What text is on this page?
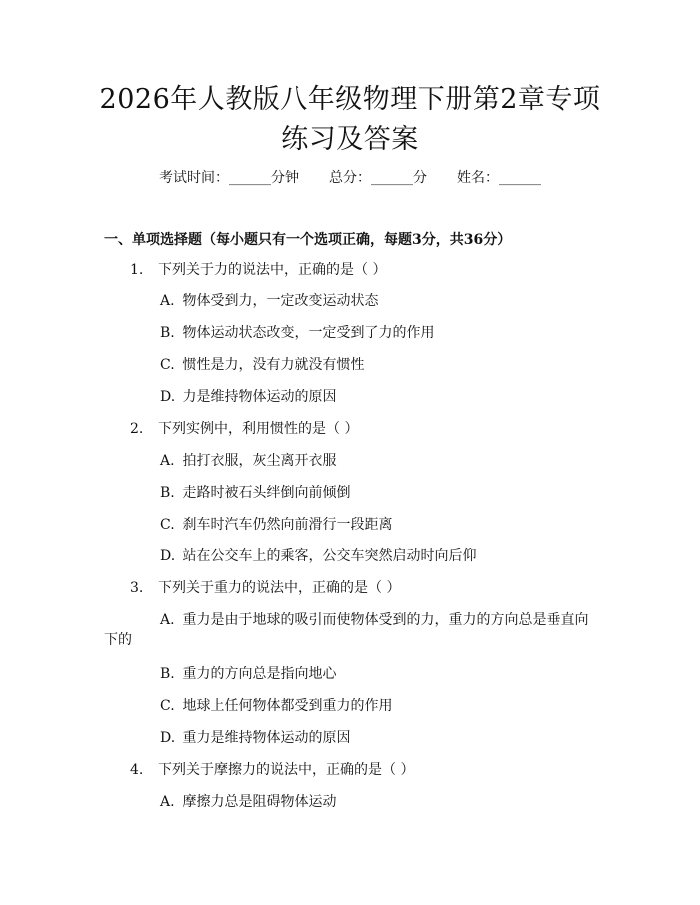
2026年人教版八年级物理下册第2章专项练习及答案
考试时间：______分钟 总分：______分 姓名：______
一、单项选择题（每小题只有一个选项正确，每题3分，共36分）
1. 下列关于力的说法中，正确的是（ ）
A. 物体受到力，一定改变运动状态
B. 物体运动状态改变，一定受到了力的作用
C. 惯性是力，没有力就没有惯性
D. 力是维持物体运动的原因
2. 下列实例中，利用惯性的是（ ）
A. 拍打衣服，灰尘离开衣服
B. 走路时被石头绊倒向前倾倒
C. 刹车时汽车仍然向前滑行一段距离
D. 站在公交车上的乘客，公交车突然启动时向后仰
3. 下列关于重力的说法中，正确的是（ ）
A. 重力是由于地球的吸引而使物体受到的力，重力的方向总是垂直向下的
B. 重力的方向总是指向地心
C. 地球上任何物体都受到重力的作用
D. 重力是维持物体运动的原因
4. 下列关于摩擦力的说法中，正确的是（ ）
A. 摩擦力总是阻碍物体运动
